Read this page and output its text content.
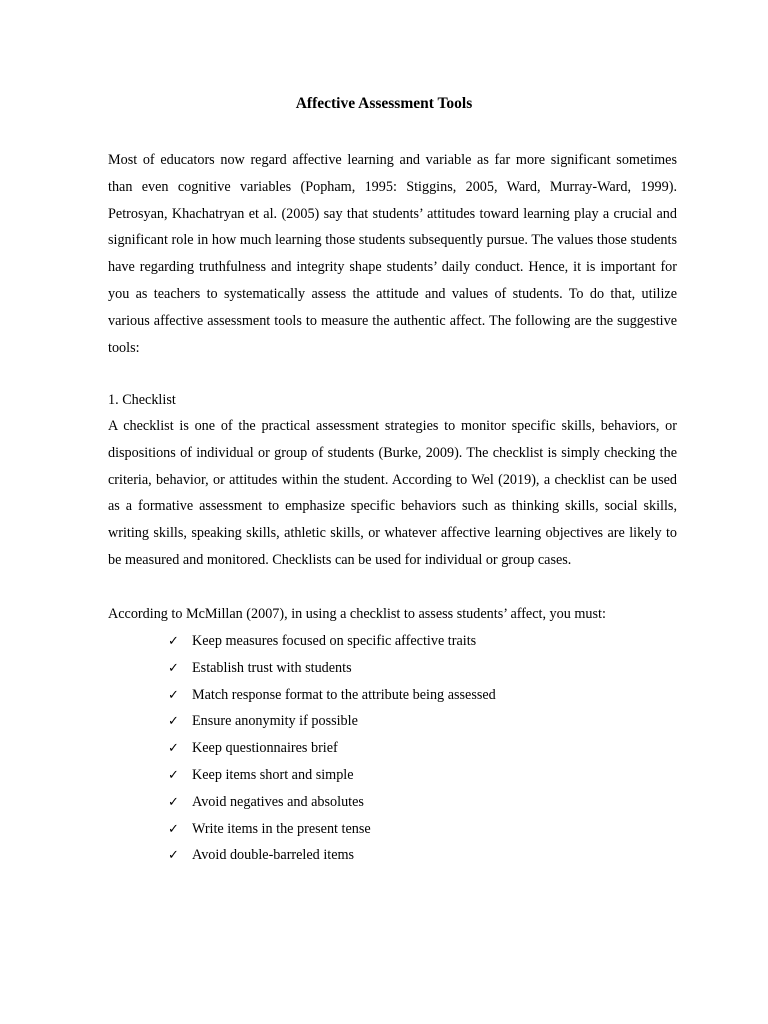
Affective Assessment Tools

Most of educators now regard affective learning and variable as far more significant sometimes than even cognitive variables (Popham, 1995: Stiggins, 2005, Ward, Murray-Ward, 1999). Petrosyan, Khachatryan et al. (2005) say that students’ attitudes toward learning play a crucial and significant role in how much learning those students subsequently pursue. The values those students have regarding truthfulness and integrity shape students’ daily conduct. Hence, it is important for you as teachers to systematically assess the attitude and values of students. To do that, utilize various affective assessment tools to measure the authentic affect. The following are the suggestive tools:

1. Checklist

A checklist is one of the practical assessment strategies to monitor specific skills, behaviors, or dispositions of individual or group of students (Burke, 2009). The checklist is simply checking the criteria, behavior, or attitudes within the student. According to Wel (2019), a checklist can be used as a formative assessment to emphasize specific behaviors such as thinking skills, social skills, writing skills, speaking skills, athletic skills, or whatever affective learning objectives are likely to be measured and monitored. Checklists can be used for individual or group cases.

According to McMillan (2007), in using a checklist to assess students’ affect, you must:

✓ Keep measures focused on specific affective traits
✓ Establish trust with students
✓ Match response format to the attribute being assessed
✓ Ensure anonymity if possible
✓ Keep questionnaires brief
✓ Keep items short and simple
✓ Avoid negatives and absolutes
✓ Write items in the present tense
✓ Avoid double-barreled items
